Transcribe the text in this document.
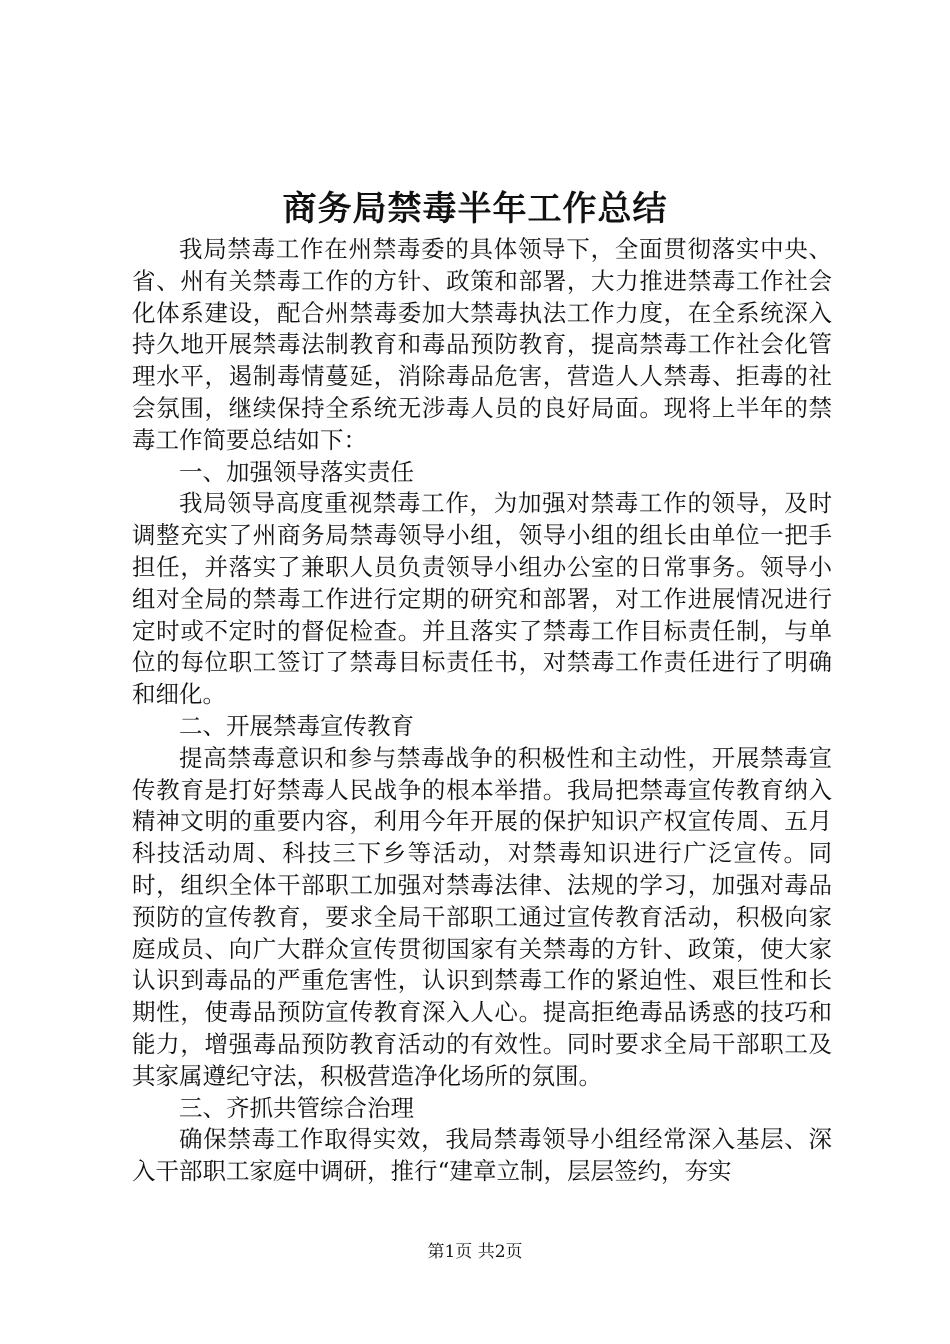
商务局禁毒半年工作总结

我局禁毒工作在州禁毒委的具体领导下，全面贯彻落实中央、省、州有关禁毒工作的方针、政策和部署，大力推进禁毒工作社会化体系建设，配合州禁毒委加大禁毒执法工作力度，在全系统深入持久地开展禁毒法制教育和毒品预防教育，提高禁毒工作社会化管理水平，遏制毒情蔓延，消除毒品危害，营造人人禁毒、拒毒的社会氛围，继续保持全系统无涉毒人员的良好局面。现将上半年的禁毒工作简要总结如下：

一、加强领导落实责任

我局领导高度重视禁毒工作，为加强对禁毒工作的领导，及时调整充实了州商务局禁毒领导小组，领导小组的组长由单位一把手担任，并落实了兼职人员负责领导小组办公室的日常事务。领导小组对全局的禁毒工作进行定期的研究和部署，对工作进展情况进行定时或不定时的督促检查。并且落实了禁毒工作目标责任制，与单位的每位职工签订了禁毒目标责任书，对禁毒工作责任进行了明确和细化。

二、开展禁毒宣传教育

提高禁毒意识和参与禁毒战争的积极性和主动性，开展禁毒宣传教育是打好禁毒人民战争的根本举措。我局把禁毒宣传教育纳入精神文明的重要内容，利用今年开展的保护知识产权宣传周、五月科技活动周、科技三下乡等活动，对禁毒知识进行广泛宣传。同时，组织全体干部职工加强对禁毒法律、法规的学习，加强对毒品预防的宣传教育，要求全局干部职工通过宣传教育活动，积极向家庭成员、向广大群众宣传贯彻国家有关禁毒的方针、政策，使大家认识到毒品的严重危害性，认识到禁毒工作的紧迫性、艰巨性和长期性，使毒品预防宣传教育深入人心。提高拒绝毒品诱惑的技巧和能力，增强毒品预防教育活动的有效性。同时要求全局干部职工及其家属遵纪守法，积极营造净化场所的氛围。

三、齐抓共管综合治理

确保禁毒工作取得实效，我局禁毒领导小组经常深入基层、深入干部职工家庭中调研，推行“建章立制，层层签约，夯实

第1页 共2页
